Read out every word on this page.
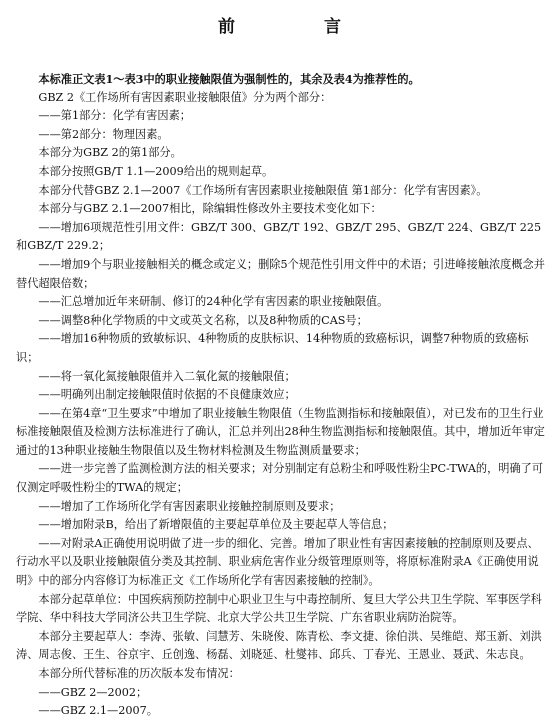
前　言

本标准正文表1～表3中的职业接触限值为强制性的，其余及表4为推荐性的。

GBZ 2《工作场所有害因素职业接触限值》分为两个部分：

——第1部分：化学有害因素；

——第2部分：物理因素。

本部分为GBZ 2的第1部分。

本部分按照GB/T 1.1—2009给出的规则起草。

本部分代替GBZ 2.1—2007《工作场所有害因素职业接触限值 第1部分：化学有害因素》。

本部分与GBZ 2.1—2007相比，除编辑性修改外主要技术变化如下：

——增加6项规范性引用文件：GBZ/T 300、GBZ/T 192、GBZ/T 295、GBZ/T 224、GBZ/T 225和GBZ/T 229.2；

——增加9个与职业接触相关的概念或定义；删除5个规范性引用文件中的术语；引进峰接触浓度概念并替代超限倍数；

——汇总增加近年来研制、修订的24种化学有害因素的职业接触限值。

——调整8种化学物质的中文或英文名称，以及8种物质的CAS号；

——增加16种物质的致敏标识、4种物质的皮肤标识、14种物质的致癌标识，调整7种物质的致癌标识；

——将一氧化氮接触限值并入二氧化氮的接触限值；

——明确列出制定接触限值时依据的不良健康效应；

——在第4章“卫生要求”中增加了职业接触生物限值（生物监测指标和接触限值），对已发布的卫生行业标准接触限值及检测方法标准进行了确认，汇总并列出28种生物监测指标和接触限值。其中，增加近年审定通过的13种职业接触生物限值以及生物材料检测及生物监测质量要求；

——进一步完善了监测检测方法的相关要求；对分别制定有总粉尘和呼吸性粉尘PC-TWA的，明确了可仅测定呼吸性粉尘的TWA的规定；

——增加了工作场所化学有害因素职业接触控制原则及要求；

——增加附录B，给出了新增限值的主要起草单位及主要起草人等信息；

——对附录A正确使用说明做了进一步的细化、完善。增加了职业性有害因素接触的控制原则及要点、行动水平以及职业接触限值分类及其控制、职业病危害作业分级管理原则等，将原标准附录A《正确使用说明》中的部分内容修订为标准正文《工作场所化学有害因素接触的控制》。

本部分起草单位：中国疾病预防控制中心职业卫生与中毒控制所、复旦大学公共卫生学院、军事医学科学院、华中科技大学同济公共卫生学院、北京大学公共卫生学院、广东省职业病防治院等。

本部分主要起草人：李涛、张敏、闫慧芳、朱晓俊、陈青松、李文捷、徐伯洪、吴维皑、郑玉新、刘洪涛、周志俊、王生、谷京宇、丘创逸、杨磊、刘晓延、杜燮祎、邱兵、丁春光、王恩业、聂武、朱志良。

本部分所代替标准的历次版本发布情况：

——GBZ 2—2002；

——GBZ 2.1—2007。
